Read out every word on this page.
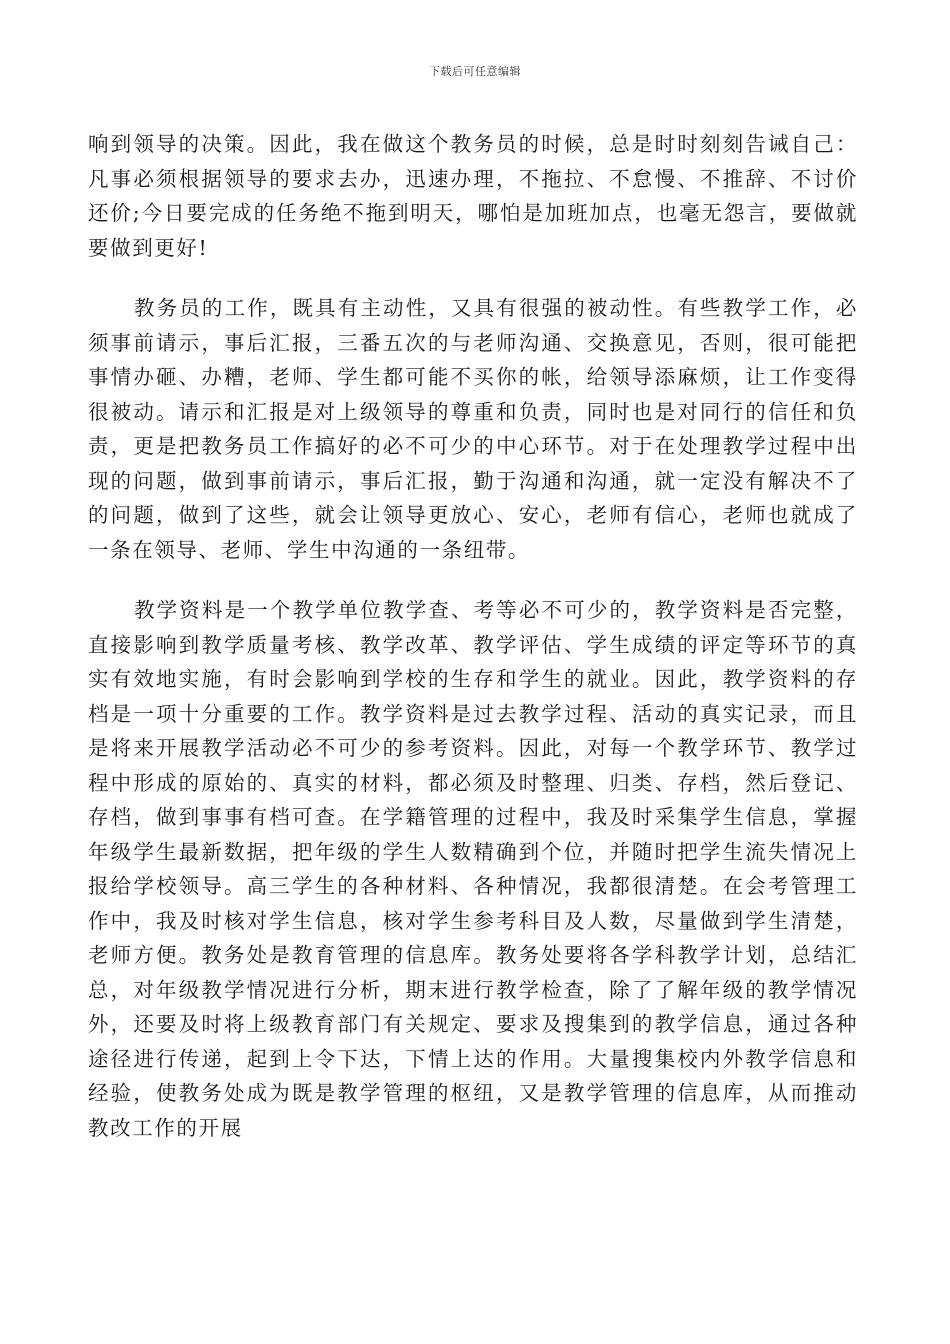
下载后可任意编辑

响到领导的决策。因此，我在做这个教务员的时候，总是时时刻刻告诫自己：凡事必须根据领导的要求去办，迅速办理，不拖拉、不怠慢、不推辞、不讨价还价;今日要完成的任务绝不拖到明天，哪怕是加班加点，也毫无怨言，要做就要做到更好!

教务员的工作，既具有主动性，又具有很强的被动性。有些教学工作，必须事前请示，事后汇报，三番五次的与老师沟通、交换意见，否则，很可能把事情办砸、办糟，老师、学生都可能不买你的帐，给领导添麻烦，让工作变得很被动。请示和汇报是对上级领导的尊重和负责，同时也是对同行的信任和负责，更是把教务员工作搞好的必不可少的中心环节。对于在处理教学过程中出现的问题，做到事前请示，事后汇报，勤于沟通和沟通，就一定没有解决不了的问题，做到了这些，就会让领导更放心、安心，老师有信心，老师也就成了一条在领导、老师、学生中沟通的一条纽带。

教学资料是一个教学单位教学查、考等必不可少的，教学资料是否完整，直接影响到教学质量考核、教学改革、教学评估、学生成绩的评定等环节的真实有效地实施，有时会影响到学校的生存和学生的就业。因此，教学资料的存档是一项十分重要的工作。教学资料是过去教学过程、活动的真实记录，而且是将来开展教学活动必不可少的参考资料。因此，对每一个教学环节、教学过程中形成的原始的、真实的材料，都必须及时整理、归类、存档，然后登记、存档，做到事事有档可查。在学籍管理的过程中，我及时采集学生信息，掌握年级学生最新数据，把年级的学生人数精确到个位，并随时把学生流失情况上报给学校领导。高三学生的各种材料、各种情况，我都很清楚。在会考管理工作中，我及时核对学生信息，核对学生参考科目及人数，尽量做到学生清楚，老师方便。教务处是教育管理的信息库。教务处要将各学科教学计划，总结汇总，对年级教学情况进行分析，期末进行教学检查，除了了解年级的教学情况外，还要及时将上级教育部门有关规定、要求及搜集到的教学信息，通过各种途径进行传递，起到上令下达，下情上达的作用。大量搜集校内外教学信息和经验，使教务处成为既是教学管理的枢纽，又是教学管理的信息库，从而推动教改工作的开展
